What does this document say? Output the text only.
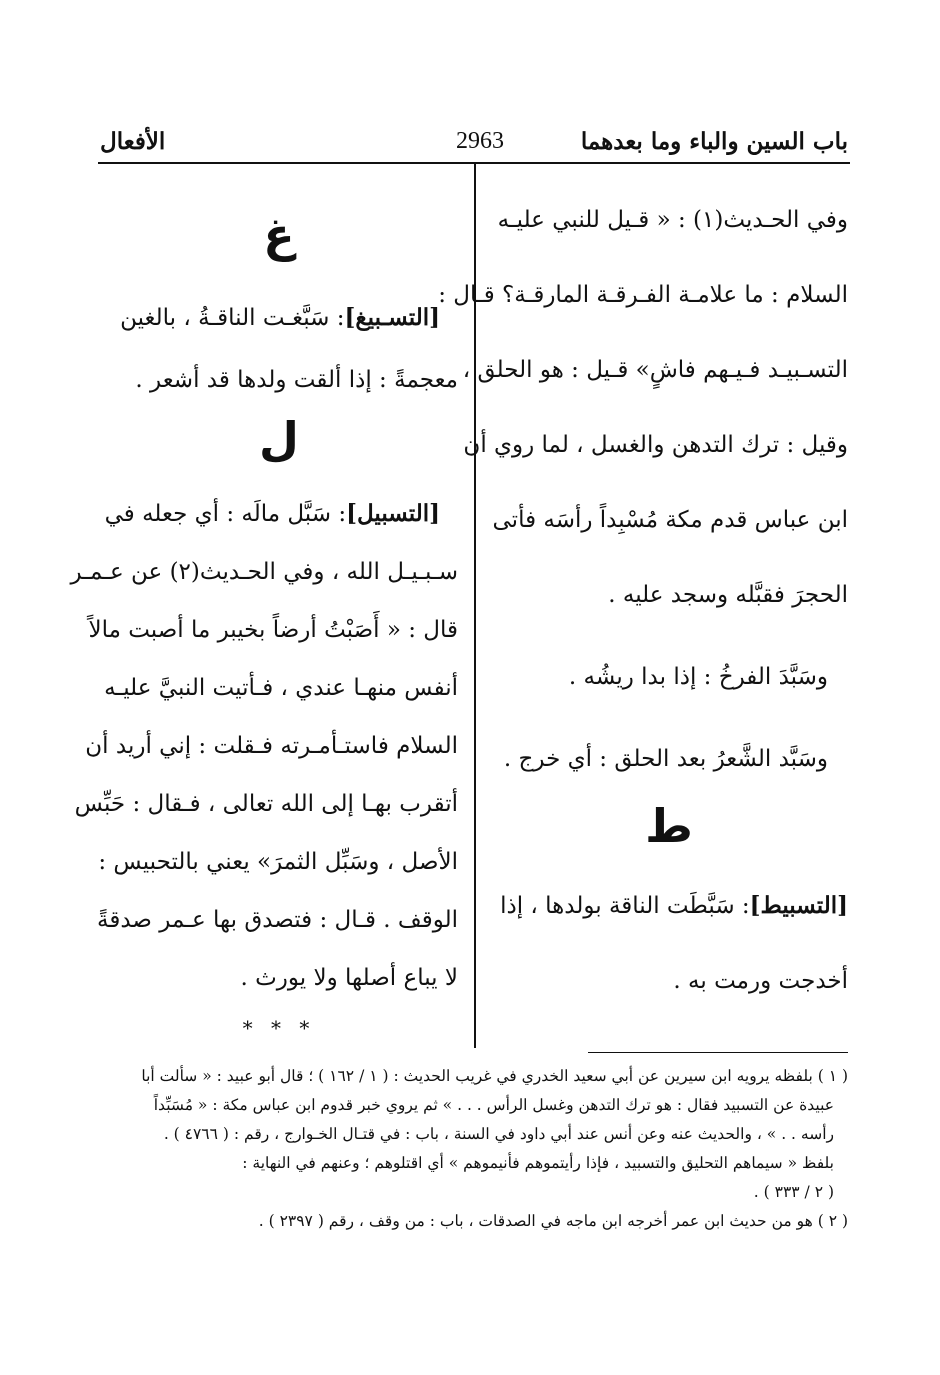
باب السين والباء وما بعدهما
2963
الأفعال
وفي الحـديث(١) : « قـيل للنبي عليـه
السلام : ما علامـة الفـرقـة المارقـة؟ قـال :
التسـبيـد فـيـهم فاشٍ» قـيل : هو الحلق ،
وقيل : ترك التدهن والغسل ، لما روي أن
ابن عباس قدم مكة مُسْبِداً رأسَه فأتى
الحجرَ فقبَّله وسجد عليه .
وسَبَّدَ الفرخُ : إذا بدا ريشُه .
وسَبَّد الشَّعرُ بعد الحلق : أي خرج .
ط
[التسبيط]: سَبَّطَت الناقة بولدها ، إذا
أخدجت ورمت به .
غ
[التسـبيغ]: سَبَّغـت الناقـةُ ، بالغين
معجمةً : إذا ألقت ولدها قد أشعر .
ل
[التسبيل]: سَبَّل مالَه : أي جعله في
سـبـيـل الله ، وفي الحـديث(٢) عن عـمـر
قال : « أَصَبْتُ أرضاً بخيبر ما أصبت مالاً
أنفس منهـا عندي ، فـأتيت النبيَّ عليـه
السلام فاستـأمـرته فـقلت : إني أريد أن
أتقرب بهـا إلى الله تعالى ، فـقال : حَبِّس
الأصل ، وسَبِّل الثمرَ» يعني بالتحبيس :
الوقف . قـال : فتصدق بها عـمر صدقةً
لا يباع أصلها ولا يورث .
* * *
( ١ ) بلفظه يرويه ابن سيرين عن أبي سعيد الخدري في غريب الحديث : ( ١ / ١٦٢ ) ؛ قال أبو عبيد : « سألت أبا
عبيدة عن التسبيد فقال : هو ترك التدهن وغسل الرأس . . . » ثم يروي خبر قدوم ابن عباس مكة : « مُسَبِّداً
رأسه . . » ، والحديث عنه وعن أنس عند أبي داود في السنة ، باب : في قتـال الخـوارج ، رقم : ( ٤٧٦٦ ) .
بلفظ « سيماهم التحليق والتسبيد ، فإذا رأيتموهم فأنيموهم » أي اقتلوهم ؛ وعنهم في النهاية :
( ٢ / ٣٣٣ ) .
( ٢ ) هو من حديث ابن عمر أخرجه ابن ماجه في الصدقات ، باب : من وقف ، رقم ( ٢٣٩٧ ) .
